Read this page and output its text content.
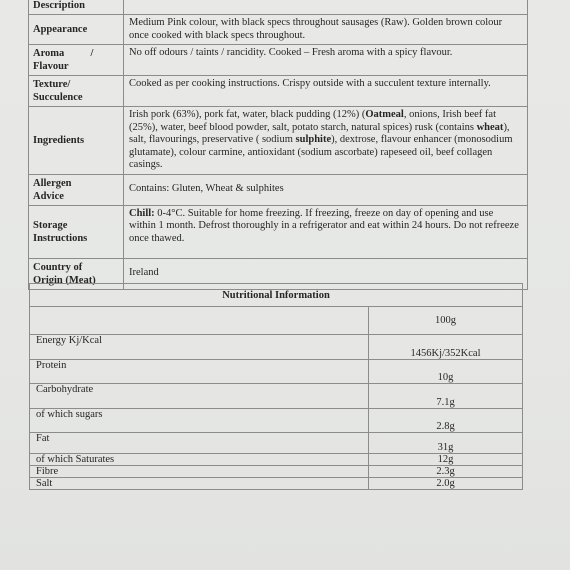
Description	
Appearance	Medium Pink colour, with black specs throughout sausages (Raw). Golden brown colour once cooked with black specs throughout.
Aroma          /
Flavour	No off odours / taints / rancidity. Cooked – Fresh aroma with a spicy flavour.
Texture/
Succulence	Cooked as per cooking instructions. Crispy outside with a succulent texture internally.
Ingredients	Irish pork (63%), pork fat, water, black pudding (12%) (Oatmeal, onions, Irish beef fat (25%), water, beef blood powder, salt, potato starch, natural spices) rusk (contains wheat), salt, flavourings, preservative ( sodium sulphite), dextrose, flavour enhancer (monosodium glutamate), colour carmine, antioxidant (sodium ascorbate) rapeseed oil, beef collagen casings.
Allergen
Advice	Contains: Gluten, Wheat & sulphites
Storage
Instructions	Chill: 0-4°C. Suitable for home freezing. If freezing, freeze on day of opening and use within 1 month. Defrost thoroughly in a refrigerator and eat within 24 hours. Do not refreeze once thawed.
Country of
Origin (Meat)	Ireland
Nutritional Information	
	100g
Energy Kj/Kcal	1456Kj/352Kcal
Protein	10g
Carbohydrate	7.1g
of which sugars	2.8g
Fat	31g
of which Saturates	12g
Fibre	2.3g
Salt	2.0g
